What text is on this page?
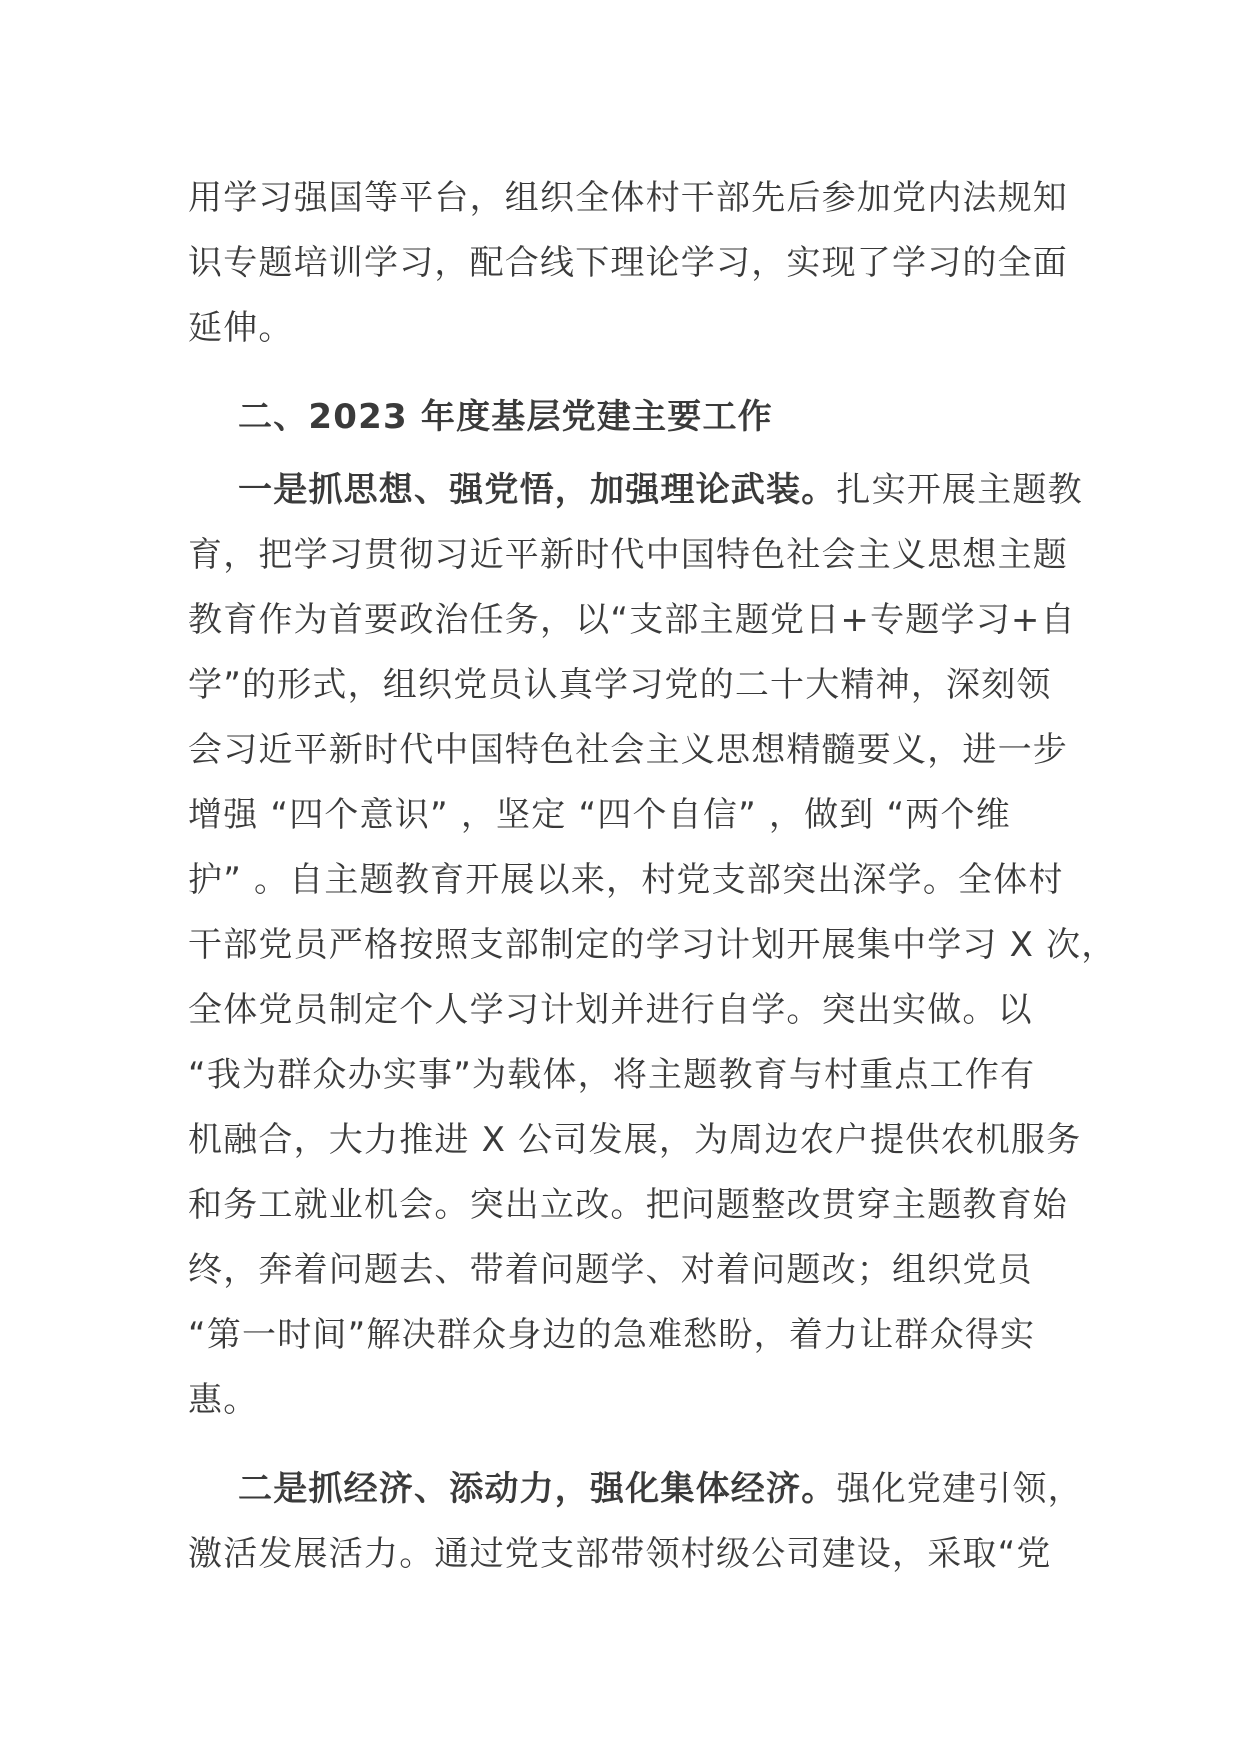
用学习强国等平台，组织全体村干部先后参加党内法规知
识专题培训学习，配合线下理论学习，实现了学习的全面
延伸。
二、2023 年度基层党建主要工作
一是抓思想、强党悟，加强理论武装。扎实开展主题教
育，把学习贯彻习近平新时代中国特色社会主义思想主题
教育作为首要政治任务，以“支部主题党日+专题学习+自
学”的形式，组织党员认真学习党的二十大精神，深刻领
会习近平新时代中国特色社会主义思想精髓要义，进一步
增强 “四个意识” ，坚定 “四个自信” ，做到 “两个维
护” 。自主题教育开展以来，村党支部突出深学。全体村
干部党员严格按照支部制定的学习计划开展集中学习 X 次，
全体党员制定个人学习计划并进行自学。突出实做。以
“我为群众办实事”为载体，将主题教育与村重点工作有
机融合，大力推进 X 公司发展，为周边农户提供农机服务
和务工就业机会。突出立改。把问题整改贯穿主题教育始
终，奔着问题去、带着问题学、对着问题改；组织党员
“第一时间”解决群众身边的急难愁盼，着力让群众得实
惠。
二是抓经济、添动力，强化集体经济。强化党建引领，
激活发展活力。通过党支部带领村级公司建设，采取“党
